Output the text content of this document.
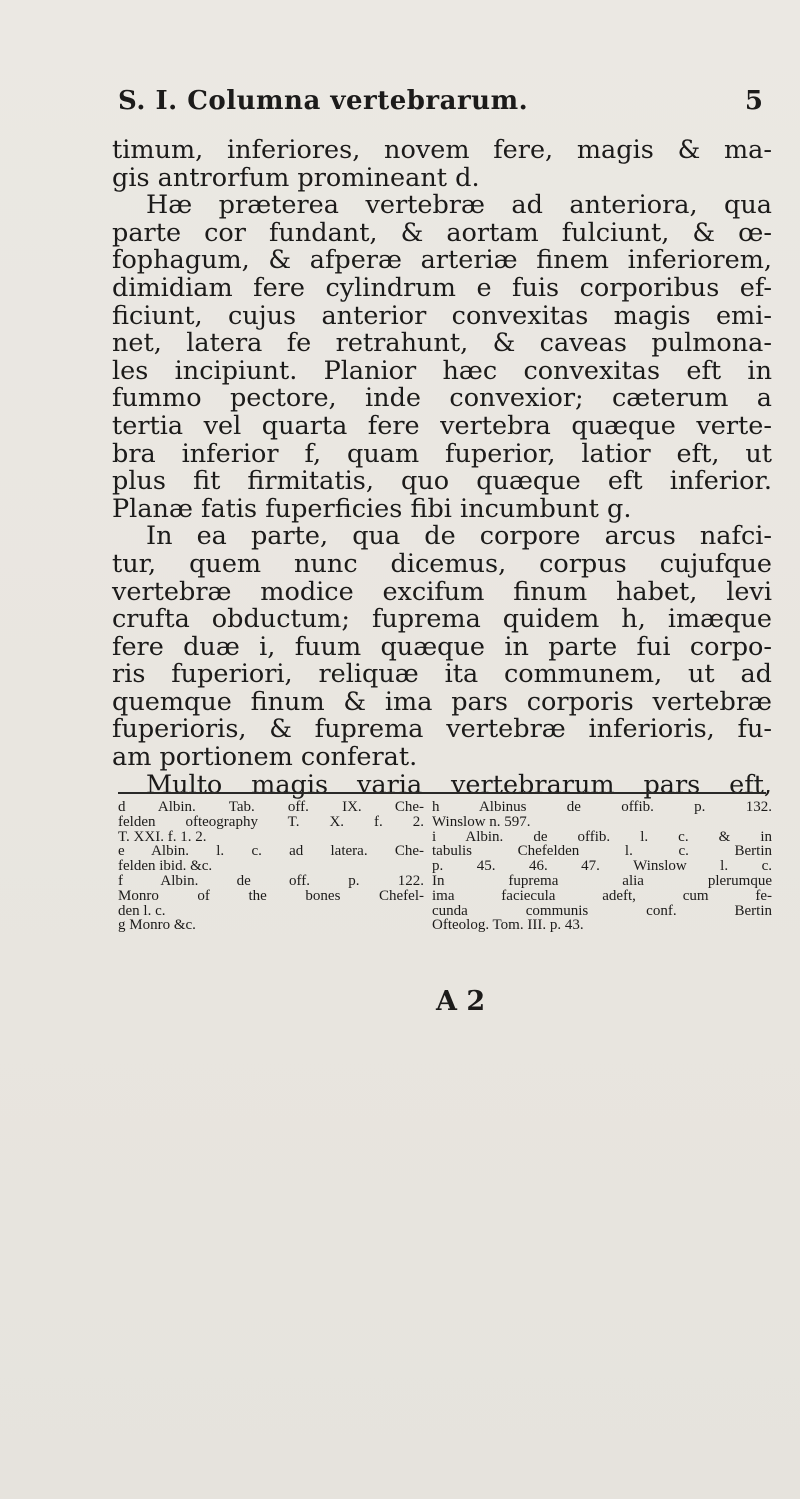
S. I. Columna vertebrarum.	5
timum, inferiores, novem fere, magis & ma-
gis antrorfum promineant d.
Hæ præterea vertebræ ad anteriora, qua
parte cor fundant, & aortam fulciunt, & œ-
fophagum, & afperæ arteriæ finem inferiorem,
dimidiam fere cylindrum e fuis corporibus ef-
ficiunt, cujus anterior convexitas magis emi-
net, latera fe retrahunt, & caveas pulmona-
les incipiunt. Planior hæc convexitas eft in
fummo pectore, inde convexior; cæterum a
tertia vel quarta fere vertebra quæque verte-
bra inferior f, quam fuperior, latior eft, ut
plus fit firmitatis, quo quæque eft inferior.
Planæ fatis fuperficies fibi incumbunt g.
In ea parte, qua de corpore arcus nafci-
tur, quem nunc dicemus, corpus cujufque
vertebræ modice excifum finum habet, levi
crufta obductum; fuprema quidem h, imæque
fere duæ i, fuum quæque in parte fui corpo-
ris fuperiori, reliquæ ita communem, ut ad
quemque finum & ima pars corporis vertebræ
fuperioris, & fuprema vertebræ inferioris, fu-
am portionem conferat.
Multo magis varia vertebrarum pars eft,
d Albin. Tab. off. IX. Che-
felden ofteography T. X. f. 2.
T. XXI. f. 1. 2.
e Albin. l. c. ad latera. Che-
felden ibid. &c.
f Albin. de off. p. 122.
Monro of the bones Chefel-
den l. c.
g Monro &c.
h Albinus de offib. p. 132.
Winslow n. 597.
i Albin. de offib. l. c. & in
tabulis Chefelden l. c. Bertin
p. 45. 46. 47. Winslow l. c.
In fuprema alia plerumque
ima faciecula adeft, cum fe-
cunda communis conf. Bertin
Ofteolog. Tom. III. p. 43.
A 2
